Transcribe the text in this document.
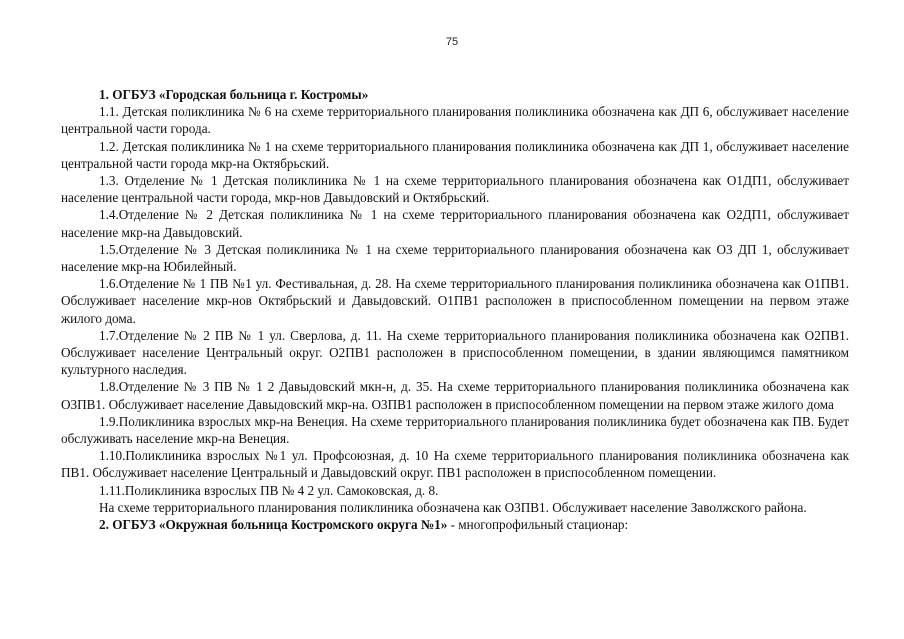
75

1. ОГБУЗ «Городская больница г. Костромы»

1.1. Детская поликлиника № 6 на схеме территориального планирования поликлиника обозначена как ДП 6, обслуживает население центральной части города.

1.2. Детская поликлиника № 1 на схеме территориального планирования поликлиника обозначена как ДП 1, обслуживает население центральной части города мкр-на Октябрьский.

1.3. Отделение № 1 Детская поликлиника № 1 на схеме территориального планирования обозначена как О1ДП1, обслуживает население центральной части города, мкр-нов Давыдовский и Октябрьский.

1.4.Отделение № 2 Детская поликлиника № 1 на схеме территориального планирования обозначена как О2ДП1, обслуживает население мкр-на Давыдовский.

1.5.Отделение № 3 Детская поликлиника № 1 на схеме территориального планирования обозначена как О3 ДП 1, обслуживает население мкр-на Юбилейный.

1.6.Отделение № 1 ПВ №1 ул. Фестивальная, д. 28. На схеме территориального планирования поликлиника обозначена как О1ПВ1. Обслуживает население мкр-нов Октябрьский и Давыдовский. О1ПВ1 расположен в приспособленном помещении на первом этаже жилого дома.

1.7.Отделение № 2 ПВ № 1 ул. Сверлова, д. 11. На схеме территориального планирования поликлиника обозначена как О2ПВ1. Обслуживает население Центральный округ. О2ПВ1 расположен в приспособленном помещении, в здании являющимся памятником культурного наследия.

1.8.Отделение № 3 ПВ № 1 2 Давыдовский мкн-н, д. 35. На схеме территориального планирования поликлиника обозначена как О3ПВ1. Обслуживает население Давыдовский мкр-на. О3ПВ1 расположен в приспособленном помещении на первом этаже жилого дома

1.9.Поликлиника взрослых мкр-на Венеция. На схеме территориального планирования поликлиника будет обозначена как ПВ. Будет обслуживать население мкр-на Венеция.

1.10.Поликлиника взрослых №1 ул. Профсоюзная, д. 10 На схеме территориального планирования поликлиника обозначена как ПВ1. Обслуживает население Центральный и Давыдовский округ. ПВ1 расположен в приспособленном помещении.

1.11.Поликлиника взрослых ПВ № 4 2 ул. Самоковская, д. 8.

На схеме территориального планирования поликлиника обозначена как О3ПВ1. Обслуживает население Заволжского района.

2. ОГБУЗ «Окружная больница Костромского округа №1» - многопрофильный стационар:
